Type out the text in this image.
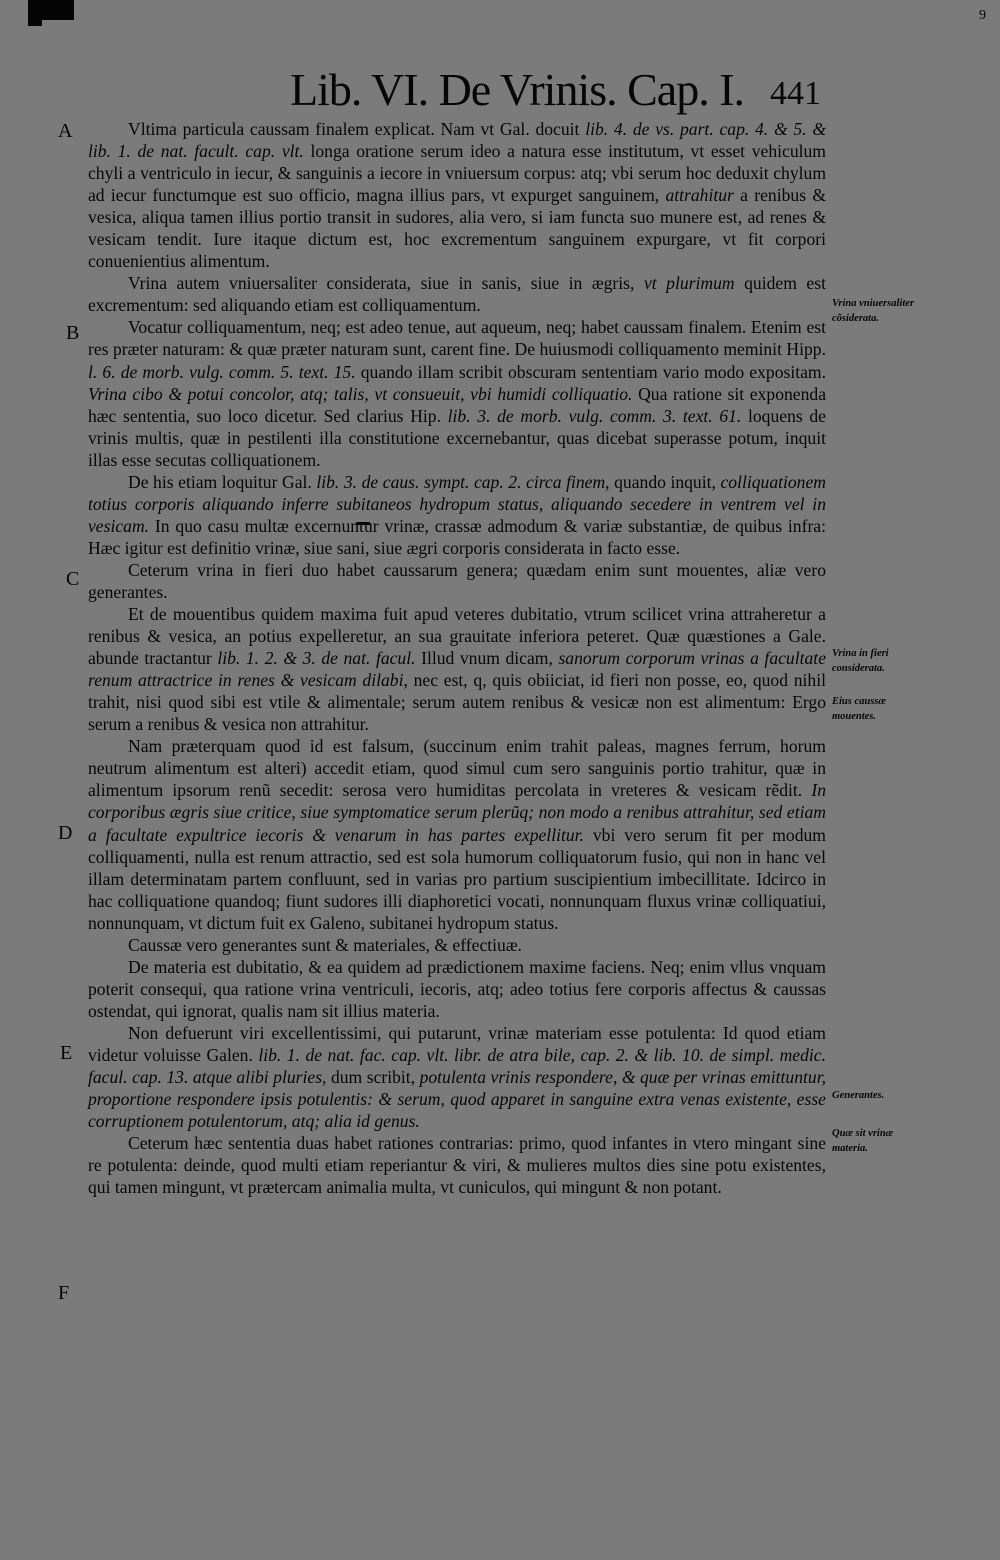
9
Lib. VI. De Vrinis. Cap. I. 441
A
B
C
D
E
F
Vrina vniuersaliter cõsiderata.
Vrina in fieri considerata.
Eius caussæ mouentes.
Generantes.
Quæ sit vrinæ materia.

Vltima particula caussam finalem explicat. Nam vt Gal. docuit lib. 4. de vs. part. cap. 4. & 5. & lib. 1. de nat. facult. cap. vlt. longa oratione serum ideo a natura esse institutum, vt esset vehiculum chyli a ventriculo in iecur, & sanguinis a iecore in vniuersum corpus: atq; vbi serum hoc deduxit chylum ad iecur functumque est suo officio, magna illius pars, vt expurget sanguinem, attrahitur a renibus & vesica, aliqua tamen illius portio transit in sudores, alia vero, si iam functa suo munere est, ad renes & vesicam tendit. Iure itaque dictum est, hoc excrementum sanguinem expurgare, vt fit corpori conuenientius alimentum.

Vrina autem vniuersaliter considerata, siue in sanis, siue in ægris, vt plurimum quidem est excrementum: sed aliquando etiam est colliquamentum.

Vocatur colliquamentum, neq; est adeo tenue, aut aqueum, neq; habet caussam finalem. Etenim est res præter naturam: & quæ præter naturam sunt, carent fine. De huiusmodi colliquamento meminit Hipp. l. 6. de morb. vulg. comm. 5. text. 15. quando illam scribit obscuram sententiam vario modo expositam. Vrina cibo & potui concolor, atq; talis, vt consueuit, vbi humidi colliquatio. Qua ratione sit exponenda hæc sententia, suo loco dicetur. Sed clarius Hip. lib. 3. de morb. vulg. comm. 3. text. 61. loquens de vrinis multis, quæ in pestilenti illa constitutione excernebantur, quas dicebat superasse potum, inquit illas esse secutas colliquationem.

De his etiam loquitur Gal. lib. 3. de caus. sympt. cap. 2. circa finem, quando inquit, colliquationem totius corporis aliquando inferre subitaneos hydropum status, aliquando secedere in ventrem vel in vesicam. In quo casu multæ excernuntur vrinæ, crassæ admodum & variæ substantiæ, de quibus infra: Hæc igitur est definitio vrinæ, siue sani, siue ægri corporis considerata in facto esse.

Ceterum vrina in fieri duo habet caussarum genera; quædam enim sunt mouentes, aliæ vero generantes.

Et de mouentibus quidem maxima fuit apud veteres dubitatio, vtrum scilicet vrina attraheretur a renibus & vesica, an potius expelleretur, an sua grauitate inferiora peteret. Quæ quæstiones a Gale. abunde tractantur lib. 1. 2. & 3. de nat. facul. Illud vnum dicam, sanorum corporum vrinas a facultate renum attractrice in renes & vesicam dilabi, nec est, q, quis obiiciat, id fieri non posse, eo, quod nihil trahit, nisi quod sibi est vtile & alimentale; serum autem renibus & vesicæ non est alimentum: Ergo serum a renibus & vesica non attrahitur.

Nam præterquam quod id est falsum, (succinum enim trahit paleas, magnes ferrum, horum neutrum alimentum est alteri) accedit etiam, quod simul cum sero sanguinis portio trahitur, quæ in alimentum ipsorum renũ secedit: serosa vero humiditas percolata in vreteres & vesicam rẽdit. In corporibus ægris siue critice, siue symptomatice serum plerũq; non modo a renibus attrahitur, sed etiam a facultate expultrice iecoris & venarum in has partes expellitur. vbi vero serum fit per modum colliquamenti, nulla est renum attractio, sed est sola humorum colliquatorum fusio, qui non in hanc vel illam determinatam partem confluunt, sed in varias pro partium suscipientium imbecillitate. Idcirco in hac colliquatione quandoq; fiunt sudores illi diaphoretici vocati, nonnunquam fluxus vrinæ colliquatiui, nonnunquam, vt dictum fuit ex Galeno, subitanei hydropum status.

Caussæ vero generantes sunt & materiales, & effectiuæ.

De materia est dubitatio, & ea quidem ad prædictionem maxime faciens. Neq; enim vllus vnquam poterit consequi, qua ratione vrina ventriculi, iecoris, atq; adeo totius fere corporis affectus & caussas ostendat, qui ignorat, qualis nam sit illius materia.

Non defuerunt viri excellentissimi, qui putarunt, vrinæ materiam esse potulenta: Id quod etiam videtur voluisse Galen. lib. 1. de nat. fac. cap. vlt. libr. de atra bile, cap. 2. & lib. 10. de simpl. medic. facul. cap. 13. atque alibi pluries, dum scribit, potulenta vrinis respondere, & quæ per vrinas emittuntur, proportione respondere ipsis potulentis: & serum, quod apparet in sanguine extra venas existente, esse corruptionem potulentorum, atq; alia id genus.

Ceterum hæc sententia duas habet rationes contrarias: primo, quod infantes in vtero mingant sine re potulenta: deinde, quod multi etiam reperiantur & viri, & mulieres multos dies sine potu existentes, qui tamen mingunt, vt prætercam animalia multa, vt cuniculos, qui mingunt & non potant.
